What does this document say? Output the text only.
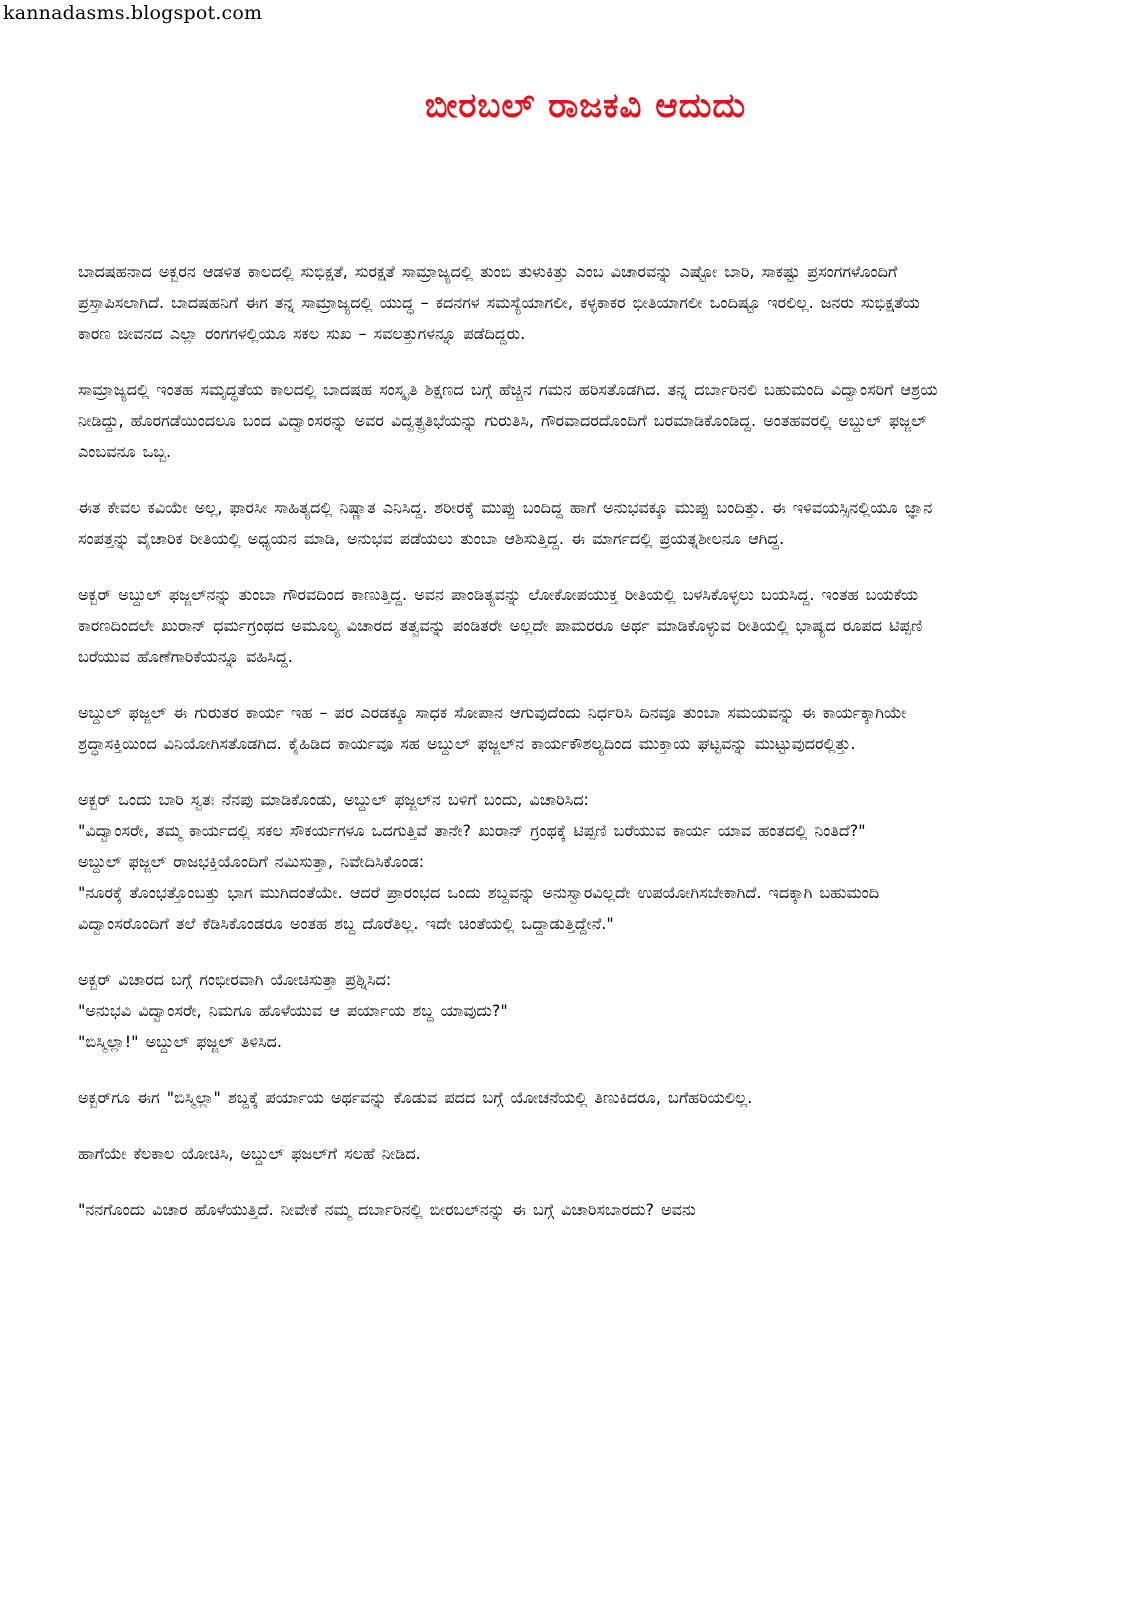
kannadasms.blogspot.com
ಬೀರಬಲ್ ರಾಜಕವಿ ಆದುದು

ಬಾದಷಹನಾದ ಅಕ್ಬರನ ಆಡಳಿತ ಕಾಲದಲ್ಲಿ ಸುಭಿಕ್ಷತೆ, ಸುರಕ್ಷತೆ ಸಾಮ್ರಾಜ್ಯದಲ್ಲಿ ತುಂಬಿ ತುಳುಕಿತ್ತು ಎಂಬ ವಿಚಾರವನ್ನು ಎಷ್ಟೋ ಬಾರಿ, ಸಾಕಷ್ಟು ಪ್ರಸಂಗಗಳೊಂದಿಗೆ ಪ್ರಸ್ತಾಪಿಸಲಾಗಿದೆ. ಬಾದಷಹನಿಗೆ ಈಗ ತನ್ನ ಸಾಮ್ರಾಜ್ಯದಲ್ಲಿ ಯುದ್ಧ – ಕದನಗಳ ಸಮಸ್ಯೆಯಾಗಲೀ, ಕಳ್ಳಕಾಕರ ಭೀತಿಯಾಗಲೀ ಒಂದಿಷ್ಟೂ ಇರಲಿಲ್ಲ. ಜನರು ಸುಭಿಕ್ಷತೆಯ ಕಾರಣ ಜೀವನದ ಎಲ್ಲಾ ರಂಗಗಳಲ್ಲಿಯೂ ಸಕಲ ಸುಖ – ಸವಲತ್ತುಗಳನ್ನೂ ಪಡೆದಿದ್ದರು.

ಸಾಮ್ರಾಜ್ಯದಲ್ಲಿ ಇಂತಹ ಸಮೃದ್ಧತೆಯ ಕಾಲದಲ್ಲಿ ಬಾದಷಹ ಸಂಸ್ಕೃತಿ ಶಿಕ್ಷಣದ ಬಗ್ಗೆ ಹೆಚ್ಚಿನ ಗಮನ ಹರಿಸತೊಡಗಿದ. ತನ್ನ ದರ್ಬಾರಿನಲಿ ಬಹುಮಂದಿ ವಿದ್ವಾಂಸರಿಗೆ ಆಶ್ರಯ ನೀಡಿದ್ದು, ಹೊರಗಡೆಯಿಂದಲೂ ಬಂದ ವಿದ್ವಾಂಸರನ್ನು ಅವರ ವಿದ್ವತ್ಪ್ರತಿಭೆಯನ್ನು ಗುರುತಿಸಿ, ಗೌರವಾದರದೊಂದಿಗೆ ಬರಮಾಡಿಕೊಂಡಿದ್ದ. ಅಂತಹವರಲ್ಲಿ ಅಬ್ದುಲ್ ಫಜ್ಜಲ್ ಎಂಬವನೂ ಒಬ್ಬ.

ಈತ ಕೇವಲ ಕವಿಯೇ ಅಲ್ಲ, ಫಾರಸೀ ಸಾಹಿತ್ಯದಲ್ಲಿ ನಿಷ್ಣಾತ ಎನಿಸಿದ್ದ. ಶರೀರಕ್ಕೆ ಮುಪ್ಪು ಬಂದಿದ್ದ ಹಾಗೆ ಅನುಭವಕ್ಕೂ ಮುಪ್ಪು ಬಂದಿತ್ತು. ಈ ಇಳಿವಯಸ್ಸಿನಲ್ಲಿಯೂ ಜ್ಞಾನ ಸಂಪತ್ತನ್ನು ವೈಚಾರಿಕ ರೀತಿಯಲ್ಲಿ ಅಧ್ಯಯನ ಮಾಡಿ, ಅನುಭವ ಪಡೆಯಲು ತುಂಬಾ ಆಶಿಸುತ್ತಿದ್ದ. ಈ ಮಾರ್ಗದಲ್ಲಿ ಪ್ರಯತ್ನಶೀಲನೂ ಆಗಿದ್ದ.

ಅಕ್ಬರ್ ಅಬ್ದುಲ್ ಫಜ್ಜಲ್‌ನನ್ನು ತುಂಬಾ ಗೌರವದಿಂದ ಕಾಣುತ್ತಿದ್ದ. ಅವನ ಪಾಂಡಿತ್ಯವನ್ನು ಲೋಕೋಪಯುಕ್ತ ರೀತಿಯಲ್ಲಿ ಬಳಸಿಕೊಳ್ಳಲು ಬಯಸಿದ್ದ. ಇಂತಹ ಬಯಕೆಯ ಕಾರಣದಿಂದಲೇ ಖುರಾನ್ ಧರ್ಮಗ್ರಂಥದ ಅಮೂಲ್ಯ ವಿಚಾರದ ತತ್ವವನ್ನು ಪಂಡಿತರೇ ಅಲ್ಲದೇ ಪಾಮರರೂ ಅರ್ಥ ಮಾಡಿಕೊಳ್ಳುವ ರೀತಿಯಲ್ಲಿ ಭಾಷ್ಯದ ರೂಪದ ಟಿಪ್ಪಣಿ ಬರೆಯುವ ಹೊಣೆಗಾರಿಕೆಯನ್ನೂ ವಹಿಸಿದ್ದ.

ಅಬ್ದುಲ್ ಫಜ್ಜಲ್ ಈ ಗುರುತರ ಕಾರ್ಯ ಇಹ – ಪರ ಎರಡಕ್ಕೂ ಸಾಧಕ ಸೋಪಾನ ಆಗುವುದೆಂದು ನಿರ್ಧರಿಸಿ ದಿನವೂ ತುಂಬಾ ಸಮಯವನ್ನು ಈ ಕಾರ್ಯಕ್ಕಾಗಿಯೇ ಶ್ರದ್ಧಾಸಕ್ತಿಯಿಂದ ವಿನಿಯೋಗಿಸತೊಡಗಿದ. ಕೈಹಿಡಿದ ಕಾರ್ಯವೂ ಸಹ ಅಬ್ದುಲ್ ಫಜ್ಜಲ್‌ನ ಕಾರ್ಯಕೌಶಲ್ಯದಿಂದ ಮುಕ್ತಾಯ ಘಟ್ಟವನ್ನು ಮುಟ್ಟುವುದರಲ್ಲಿತ್ತು.

ಅಕ್ಬರ್ ಒಂದು ಬಾರಿ ಸ್ವತಃ ನೆನಪು ಮಾಡಿಕೊಂಡು, ಅಬ್ದುಲ್ ಫಜ್ಜಲ್‌ನ ಬಳಿಗೆ ಬಂದು, ವಿಚಾರಿಸಿದ:

"ವಿದ್ವಾಂಸರೇ, ತಮ್ಮ ಕಾರ್ಯದಲ್ಲಿ ಸಕಲ ಸೌಕರ್ಯಗಳೂ ಒದಗುತ್ತಿವೆ ತಾನೇ? ಖುರಾನ್ ಗ್ರಂಥಕ್ಕೆ ಟಿಪ್ಪಣಿ ಬರೆಯುವ ಕಾರ್ಯ ಯಾವ ಹಂತದಲ್ಲಿ ನಿಂತಿದೆ?"

ಅಬ್ದುಲ್ ಫಜ್ಜಲ್ ರಾಜಭಕ್ತಿಯೊಂದಿಗೆ ನಮಿಸುತ್ತಾ, ನಿವೇದಿಸಿಕೊಂಡ:

"ನೂರಕ್ಕೆ ತೊಂಭತ್ತೊಂಬತ್ತು ಭಾಗ ಮುಗಿದಂತೆಯೇ. ಆದರೆ ಪ್ರಾರಂಭದ ಒಂದು ಶಬ್ದವನ್ನು ಅನುಸ್ವಾರವಿಲ್ಲದೇ ಉಪಯೋಗಿಸಬೇಕಾಗಿದೆ. ಇದಕ್ಕಾಗಿ ಬಹುಮಂದಿ ವಿದ್ವಾಂಸರೊಂದಿಗೆ ತಲೆ ಕೆಡಿಸಿಕೊಂಡರೂ ಅಂತಹ ಶಬ್ದ ದೊರೆತಿಲ್ಲ. ಇದೇ ಚಿಂತೆಯಲ್ಲಿ ಒದ್ದಾಡುತ್ತಿದ್ದೇನೆ."

ಅಕ್ಬರ್ ವಿಚಾರದ ಬಗ್ಗೆ ಗಂಭೀರವಾಗಿ ಯೋಚಿಸುತ್ತಾ ಪ್ರಶ್ನಿಸಿದ:

"ಅನುಭವಿ ವಿದ್ವಾಂಸರೇ, ನಿಮಗೂ ಹೊಳೆಯುವ ಆ ಪರ್ಯಾಯ ಶಬ್ದ ಯಾವುದು?"

"ಬಿಸ್ಮಿಲ್ಲಾ!" ಅಬ್ದುಲ್ ಫಜ್ಜಲ್ ತಿಳಿಸಿದ.

ಅಕ್ಬರ್‌ಗೂ ಈಗ "ಬಿಸ್ಮಿಲ್ಲಾ" ಶಬ್ದಕ್ಕೆ ಪರ್ಯಾಯ ಅರ್ಥವನ್ನು ಕೊಡುವ ಪದದ ಬಗ್ಗೆ ಯೋಚನೆಯಲ್ಲಿ ತಿಣುಕಿದರೂ, ಬಗೆಹರಿಯಲಿಲ್ಲ.

ಹಾಗೆಯೇ ಕೆಲಕಾಲ ಯೋಚಿಸಿ, ಅಬ್ದುಲ್ ಫಜಲ್‌ಗೆ ಸಲಹೆ ನೀಡಿದ.

"ನನಗೊಂದು ವಿಚಾರ ಹೊಳೆಯುತ್ತಿದೆ. ನೀವೇಕೆ ನಮ್ಮ ದರ್ಬಾರಿನಲ್ಲಿ ಬೀರಬಲ್‌ನನ್ನು ಈ ಬಗ್ಗೆ ವಿಚಾರಿಸಬಾರದು? ಅವನು
